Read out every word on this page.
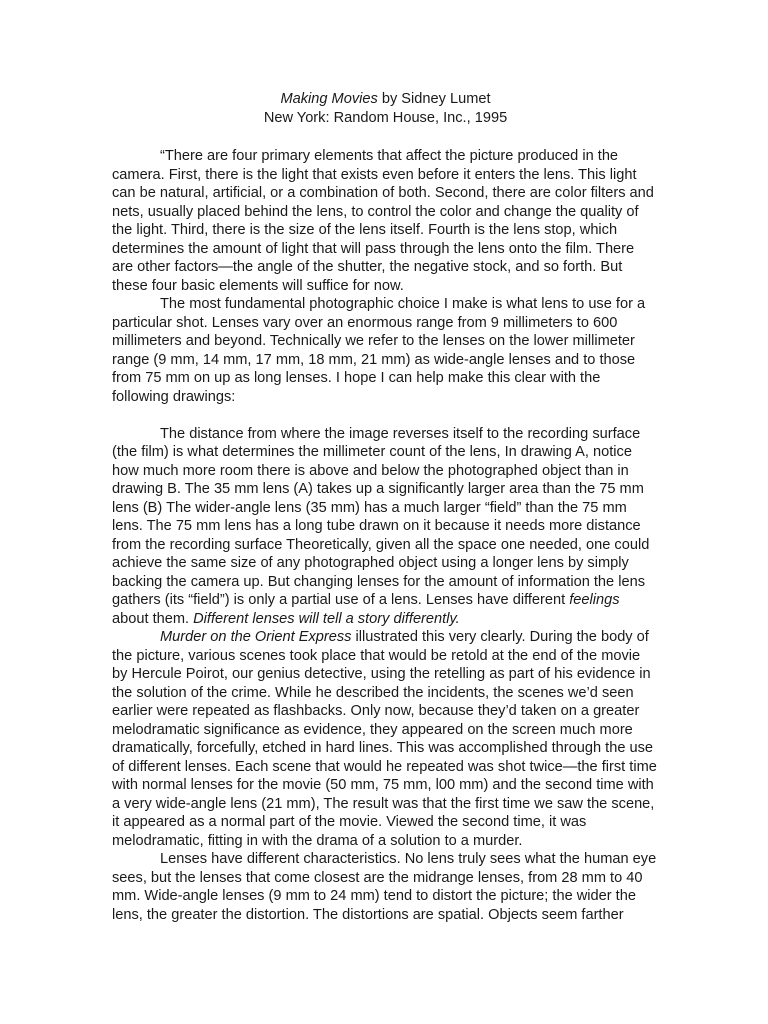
Making Movies by Sidney Lumet
New York: Random House, Inc., 1995

“There are four primary elements that affect the picture produced in the camera. First, there is the light that exists even before it enters the lens. This light can be natural, artificial, or a combination of both. Second, there are color filters and nets, usually placed behind the lens, to control the color and change the quality of the light. Third, there is the size of the lens itself. Fourth is the lens stop, which determines the amount of light that will pass through the lens onto the film. There are other factors—the angle of the shutter, the negative stock, and so forth. But these four basic elements will suffice for now.

The most fundamental photographic choice I make is what lens to use for a particular shot. Lenses vary over an enormous range from 9 millimeters to 600 millimeters and beyond. Technically we refer to the lenses on the lower millimeter range (9 mm, 14 mm, 17 mm, 18 mm, 21 mm) as wide-angle lenses and to those from 75 mm on up as long lenses. I hope I can help make this clear with the following drawings:

The distance from where the image reverses itself to the recording surface (the film) is what determines the millimeter count of the lens, In drawing A, notice how much more room there is above and below the photographed object than in drawing B. The 35 mm lens (A) takes up a significantly larger area than the 75 mm lens (B) The wider-angle lens (35 mm) has a much larger “field” than the 75 mm lens. The 75 mm lens has a long tube drawn on it because it needs more distance from the recording surface Theoretically, given all the space one needed, one could achieve the same size of any photographed object using a longer lens by simply backing the camera up. But changing lenses for the amount of information the lens gathers (its “field”) is only a partial use of a lens. Lenses have different feelings about them. Different lenses will tell a story differently.

Murder on the Orient Express illustrated this very clearly. During the body of the picture, various scenes took place that would be retold at the end of the movie by Hercule Poirot, our genius detective, using the retelling as part of his evidence in the solution of the crime. While he described the incidents, the scenes we’d seen earlier were repeated as flashbacks. Only now, because they’d taken on a greater melodramatic significance as evidence, they appeared on the screen much more dramatically, forcefully, etched in hard lines. This was accomplished through the use of different lenses. Each scene that would he repeated was shot twice—the first time with normal lenses for the movie (50 mm, 75 mm, l00 mm) and the second time with a very wide-angle lens (21 mm), The result was that the first time we saw the scene, it appeared as a normal part of the movie. Viewed the second time, it was melodramatic, fitting in with the drama of a solution to a murder.

Lenses have different characteristics. No lens truly sees what the human eye sees, but the lenses that come closest are the midrange lenses, from 28 mm to 40 mm. Wide-angle lenses (9 mm to 24 mm) tend to distort the picture; the wider the lens, the greater the distortion. The distortions are spatial. Objects seem farther
